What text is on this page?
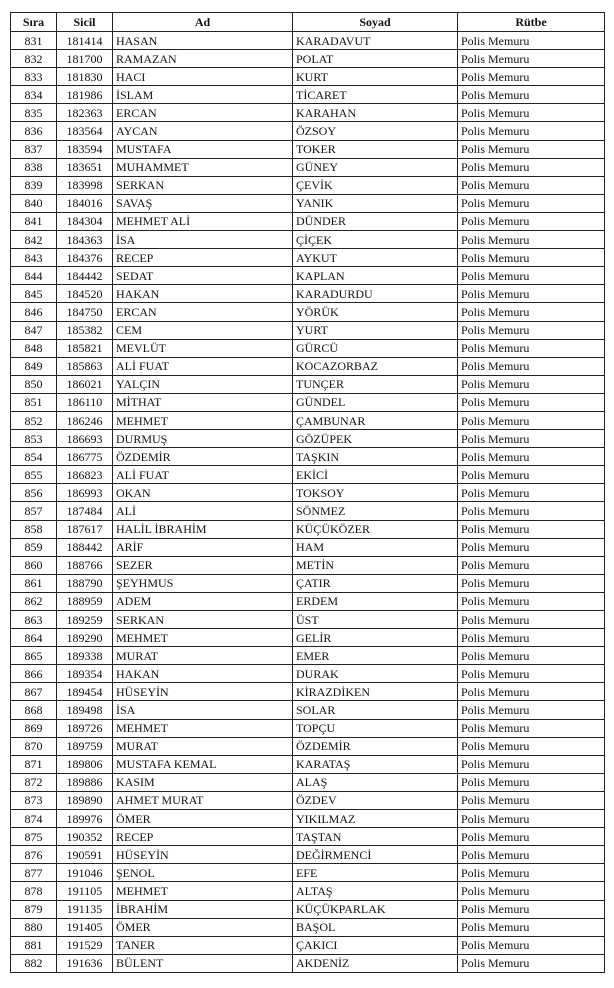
Sıra	Sicil	Ad	Soyad	Rütbe
831	181414	HASAN	KARADAVUT	Polis Memuru
832	181700	RAMAZAN	POLAT	Polis Memuru
833	181830	HACI	KURT	Polis Memuru
834	181986	İSLAM	TİCARET	Polis Memuru
835	182363	ERCAN	KARAHAN	Polis Memuru
836	183564	AYCAN	ÖZSOY	Polis Memuru
837	183594	MUSTAFA	TOKER	Polis Memuru
838	183651	MUHAMMET	GÜNEY	Polis Memuru
839	183998	SERKAN	ÇEVİK	Polis Memuru
840	184016	SAVAŞ	YANIK	Polis Memuru
841	184304	MEHMET ALİ	DÜNDER	Polis Memuru
842	184363	İSA	ÇİÇEK	Polis Memuru
843	184376	RECEP	AYKUT	Polis Memuru
844	184442	SEDAT	KAPLAN	Polis Memuru
845	184520	HAKAN	KARADURDU	Polis Memuru
846	184750	ERCAN	YÖRÜK	Polis Memuru
847	185382	CEM	YURT	Polis Memuru
848	185821	MEVLÜT	GÜRCÜ	Polis Memuru
849	185863	ALİ FUAT	KOCAZORBAZ	Polis Memuru
850	186021	YALÇIN	TUNÇER	Polis Memuru
851	186110	MİTHAT	GÜNDEL	Polis Memuru
852	186246	MEHMET	ÇAMBUNAR	Polis Memuru
853	186693	DURMUŞ	GÖZÜPEK	Polis Memuru
854	186775	ÖZDEMİR	TAŞKIN	Polis Memuru
855	186823	ALİ FUAT	EKİCİ	Polis Memuru
856	186993	OKAN	TOKSOY	Polis Memuru
857	187484	ALİ	SÖNMEZ	Polis Memuru
858	187617	HALİL İBRAHİM	KÜÇÜKÖZER	Polis Memuru
859	188442	ARİF	HAM	Polis Memuru
860	188766	SEZER	METİN	Polis Memuru
861	188790	ŞEYHMUS	ÇATIR	Polis Memuru
862	188959	ADEM	ERDEM	Polis Memuru
863	189259	SERKAN	ÜST	Polis Memuru
864	189290	MEHMET	GELİR	Polis Memuru
865	189338	MURAT	EMER	Polis Memuru
866	189354	HAKAN	DURAK	Polis Memuru
867	189454	HÜSEYİN	KİRAZDİKEN	Polis Memuru
868	189498	İSA	SOLAR	Polis Memuru
869	189726	MEHMET	TOPÇU	Polis Memuru
870	189759	MURAT	ÖZDEMİR	Polis Memuru
871	189806	MUSTAFA KEMAL	KARATAŞ	Polis Memuru
872	189886	KASIM	ALAŞ	Polis Memuru
873	189890	AHMET MURAT	ÖZDEV	Polis Memuru
874	189976	ÖMER	YIKILMAZ	Polis Memuru
875	190352	RECEP	TAŞTAN	Polis Memuru
876	190591	HÜSEYİN	DEĞİRMENCİ	Polis Memuru
877	191046	ŞENOL	EFE	Polis Memuru
878	191105	MEHMET	ALTAŞ	Polis Memuru
879	191135	İBRAHİM	KÜÇÜKPARLAK	Polis Memuru
880	191405	ÖMER	BAŞOL	Polis Memuru
881	191529	TANER	ÇAKICI	Polis Memuru
882	191636	BÜLENT	AKDENİZ	Polis Memuru
